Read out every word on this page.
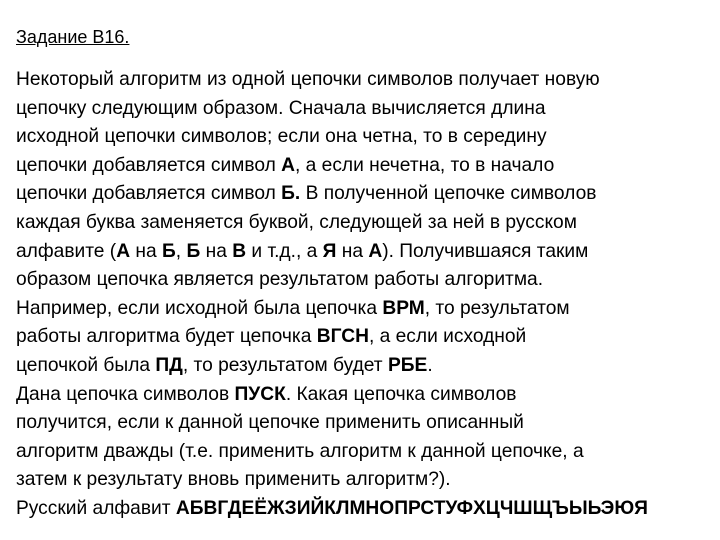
Задание B16.
Некоторый алгоритм из одной цепочки символов получает новую
цепочку следующим образом. Сначала вычисляется длина
исходной цепочки символов; если она четна, то в середину
цепочки добавляется символ А, а если нечетна, то в начало
цепочки добавляется символ Б. В полученной цепочке символов
каждая буква заменяется буквой, следующей за ней в русском
алфавите (А на Б, Б на В и т.д., а Я на А). Получившаяся таким
образом цепочка является результатом работы алгоритма.
Например, если исходной была цепочка ВРМ, то результатом
работы алгоритма будет цепочка ВГСН, а если исходной
цепочкой была ПД, то результатом будет РБЕ.
Дана цепочка символов ПУСК. Какая цепочка символов
получится, если к данной цепочке применить описанный
алгоритм дважды (т.е. применить алгоритм к данной цепочке, а
затем к результату вновь применить алгоритм?).
Русский алфавит АБВГДЕЁЖЗИЙКЛМНОПРСТУФХЦЧШЩЪЫЬЭЮЯ
